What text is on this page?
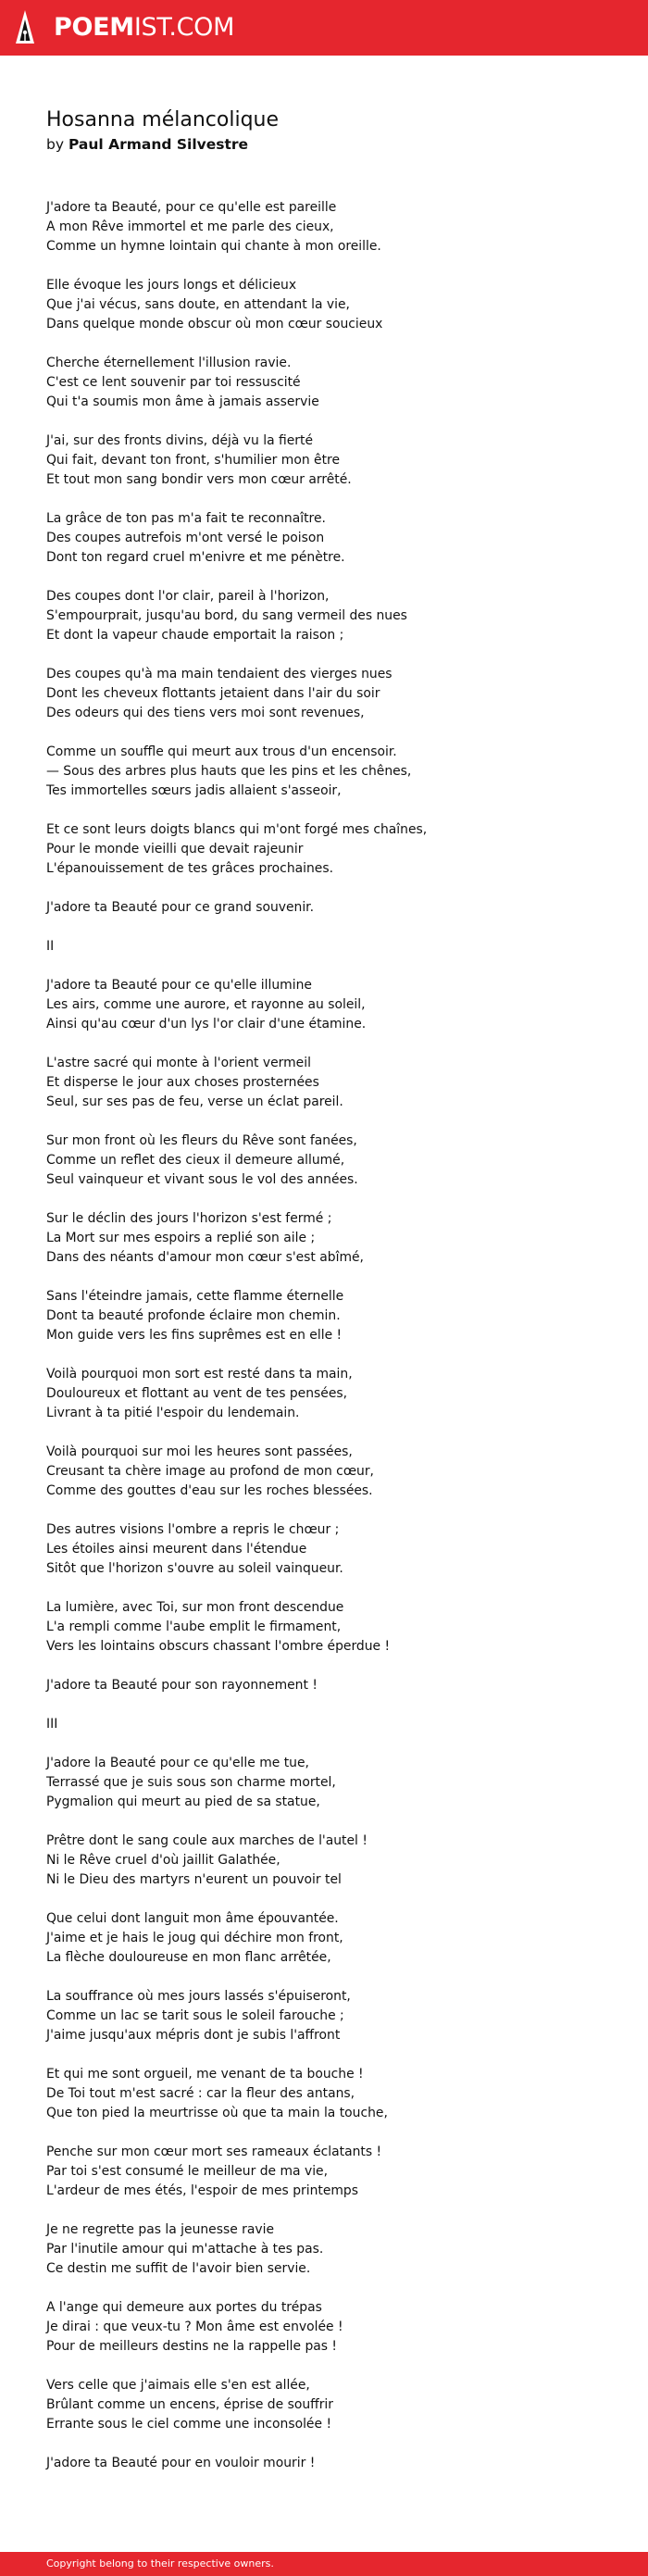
POEMIST.COM
Hosanna mélancolique
by Paul Armand Silvestre
J'adore ta Beauté, pour ce qu'elle est pareille
A mon Rêve immortel et me parle des cieux,
Comme un hymne lointain qui chante à mon oreille.
Elle évoque les jours longs et délicieux
Que j'ai vécus, sans doute, en attendant la vie,
Dans quelque monde obscur où mon cœur soucieux
Cherche éternellement l'illusion ravie.
C'est ce lent souvenir par toi ressuscité
Qui t'a soumis mon âme à jamais asservie
J'ai, sur des fronts divins, déjà vu la fierté
Qui fait, devant ton front, s'humilier mon être
Et tout mon sang bondir vers mon cœur arrêté.
La grâce de ton pas m'a fait te reconnaître.
Des coupes autrefois m'ont versé le poison
Dont ton regard cruel m'enivre et me pénètre.
Des coupes dont l'or clair, pareil à l'horizon,
S'empourprait, jusqu'au bord, du sang vermeil des nues
Et dont la vapeur chaude emportait la raison ;
Des coupes qu'à ma main tendaient des vierges nues
Dont les cheveux flottants jetaient dans l'air du soir
Des odeurs qui des tiens vers moi sont revenues,
Comme un souffle qui meurt aux trous d'un encensoir.
— Sous des arbres plus hauts que les pins et les chênes,
Tes immortelles sœurs jadis allaient s'asseoir,
Et ce sont leurs doigts blancs qui m'ont forgé mes chaînes,
Pour le monde vieilli que devait rajeunir
L'épanouissement de tes grâces prochaines.
J'adore ta Beauté pour ce grand souvenir.
II
J'adore ta Beauté pour ce qu'elle illumine
Les airs, comme une aurore, et rayonne au soleil,
Ainsi qu'au cœur d'un lys l'or clair d'une étamine.
L'astre sacré qui monte à l'orient vermeil
Et disperse le jour aux choses prosternées
Seul, sur ses pas de feu, verse un éclat pareil.
Sur mon front où les fleurs du Rêve sont fanées,
Comme un reflet des cieux il demeure allumé,
Seul vainqueur et vivant sous le vol des années.
Sur le déclin des jours l'horizon s'est fermé ;
La Mort sur mes espoirs a replié son aile ;
Dans des néants d'amour mon cœur s'est abîmé,
Sans l'éteindre jamais, cette flamme éternelle
Dont ta beauté profonde éclaire mon chemin.
Mon guide vers les fins suprêmes est en elle !
Voilà pourquoi mon sort est resté dans ta main,
Douloureux et flottant au vent de tes pensées,
Livrant à ta pitié l'espoir du lendemain.
Voilà pourquoi sur moi les heures sont passées,
Creusant ta chère image au profond de mon cœur,
Comme des gouttes d'eau sur les roches blessées.
Des autres visions l'ombre a repris le chœur ;
Les étoiles ainsi meurent dans l'étendue
Sitôt que l'horizon s'ouvre au soleil vainqueur.
La lumière, avec Toi, sur mon front descendue
L'a rempli comme l'aube emplit le firmament,
Vers les lointains obscurs chassant l'ombre éperdue !
J'adore ta Beauté pour son rayonnement !
III
J'adore la Beauté pour ce qu'elle me tue,
Terrassé que je suis sous son charme mortel,
Pygmalion qui meurt au pied de sa statue,
Prêtre dont le sang coule aux marches de l'autel !
Ni le Rêve cruel d'où jaillit Galathée,
Ni le Dieu des martyrs n'eurent un pouvoir tel
Que celui dont languit mon âme épouvantée.
J'aime et je hais le joug qui déchire mon front,
La flèche douloureuse en mon flanc arrêtée,
La souffrance où mes jours lassés s'épuiseront,
Comme un lac se tarit sous le soleil farouche ;
J'aime jusqu'aux mépris dont je subis l'affront
Et qui me sont orgueil, me venant de ta bouche !
De Toi tout m'est sacré : car la fleur des antans,
Que ton pied la meurtrisse où que ta main la touche,
Penche sur mon cœur mort ses rameaux éclatants !
Par toi s'est consumé le meilleur de ma vie,
L'ardeur de mes étés, l'espoir de mes printemps
Je ne regrette pas la jeunesse ravie
Par l'inutile amour qui m'attache à tes pas.
Ce destin me suffit de l'avoir bien servie.
A l'ange qui demeure aux portes du trépas
Je dirai : que veux-tu ? Mon âme est envolée !
Pour de meilleurs destins ne la rappelle pas !
Vers celle que j'aimais elle s'en est allée,
Brûlant comme un encens, éprise de souffrir
Errante sous le ciel comme une inconsolée !
J'adore ta Beauté pour en vouloir mourir !
Copyright belong to their respective owners.
